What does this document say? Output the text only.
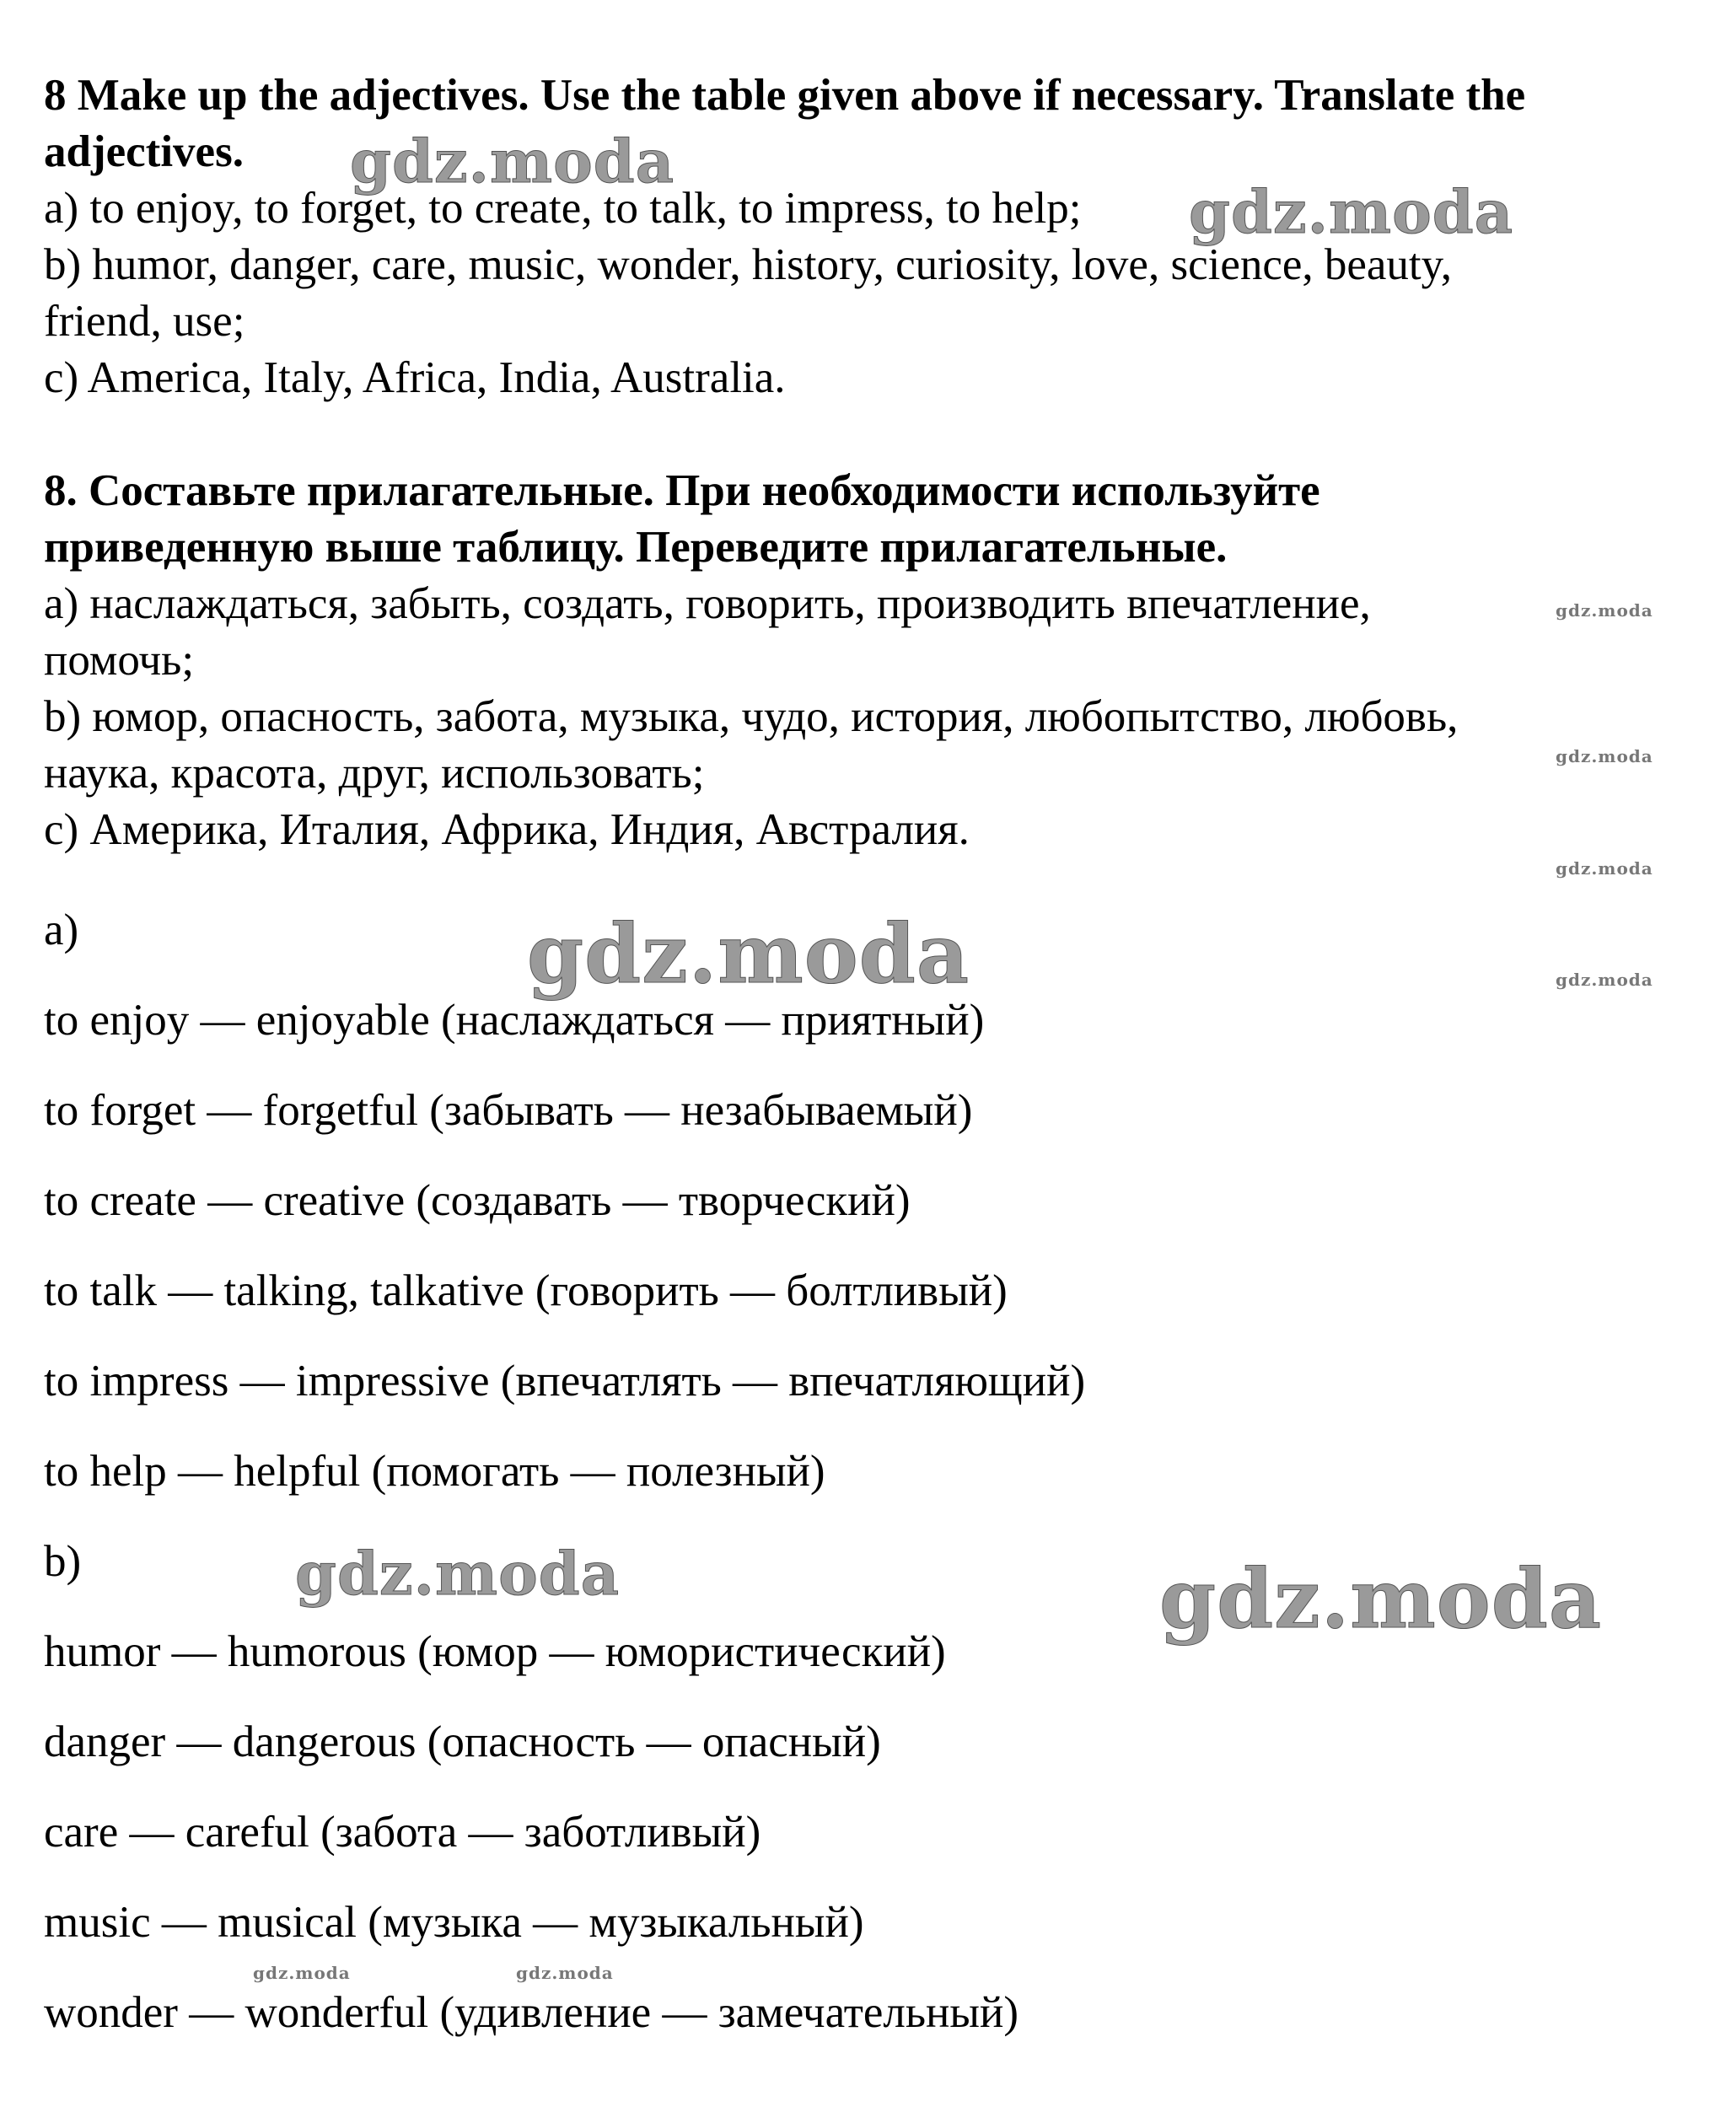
8 Make up the adjectives. Use the table given above if necessary. Translate the

adjectives.

a) to enjoy, to forget, to create, to talk, to impress, to help;

b) humor, danger, care, music, wonder, history, curiosity, love, science, beauty,

friend, use;

c) America, Italy, Africa, India, Australia.

8. Составьте прилагательные. При необходимости используйте

приведенную выше таблицу. Переведите прилагательные.

a) наслаждаться, забыть, создать, говорить, производить впечатление,

помочь;

b) юмор, опасность, забота, музыка, чудо, история, любопытство, любовь,

наука, красота, друг, использовать;

c) Америка, Италия, Африка, Индия, Австралия.

a)

to enjoy — enjoyable (наслаждаться — приятный)

to forget — forgetful (забывать — незабываемый)

to create — creative (создавать — творческий)

to talk — talking, talkative (говорить — болтливый)

to impress — impressive (впечатлять — впечатляющий)

to help — helpful (помогать — полезный)

b)

humor — humorous (юмор — юмористический)

danger — dangerous (опасность — опасный)

care — careful (забота — заботливый)

music — musical (музыка — музыкальный)

wonder — wonderful (удивление — замечательный)

gdz.moda
gdz.moda
gdz.moda
gdz.moda	gdz.moda
gdz.moda
gdz.moda
gdz.moda
gdz.moda
gdz.moda	gdz.moda
